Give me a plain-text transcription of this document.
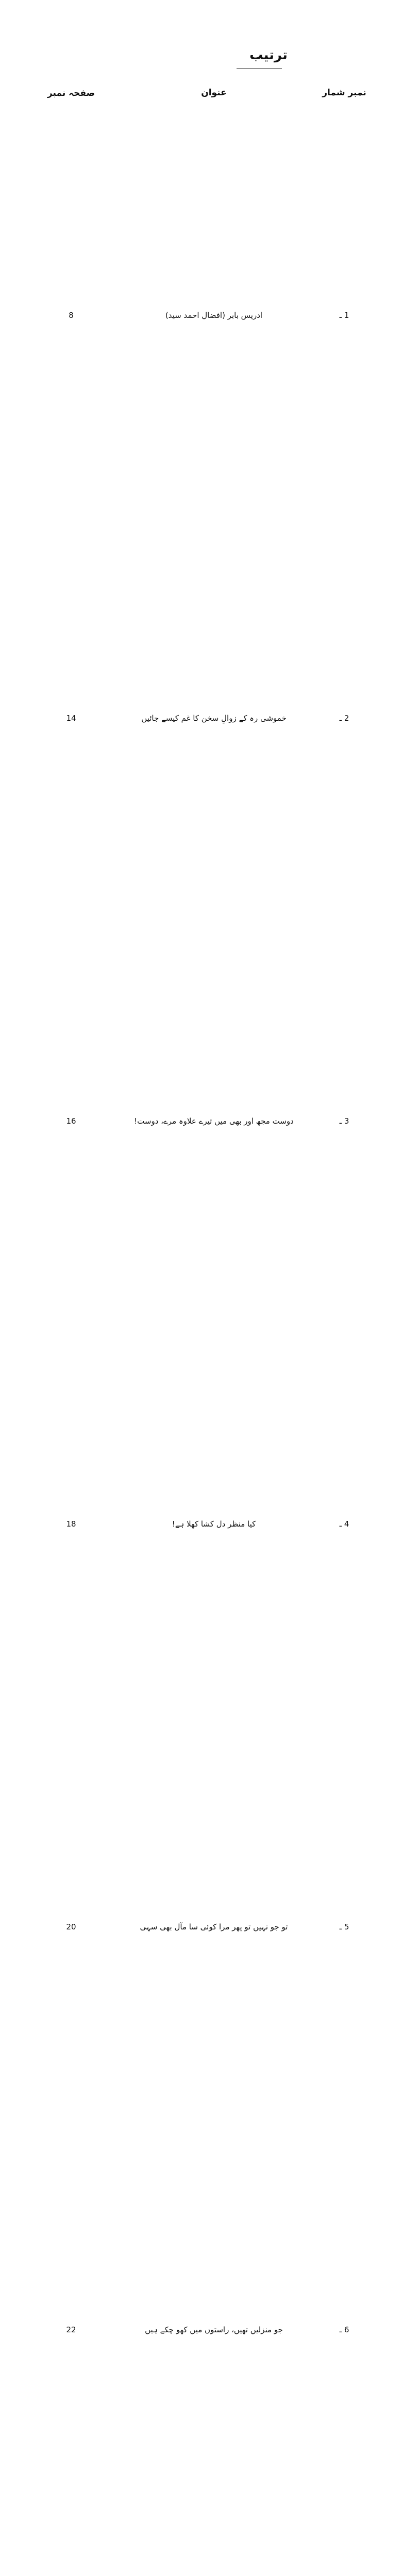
ترتیب
نمبر شمار	عنوان	صفحہ نمبر
1 ـ	ادریس بابر (افضال احمد سید)	8
2 ـ	خموشی رہ کے زوالِ سخن کا غم کیسے جائیں	14
3 ـ	دوست مجھ اور بھی میں تیرے علاوہ مرے، دوست!	16
4 ـ	کیا منظر دل کشا کھلا ہے!	18
5 ـ	تو جو نہیں تو پھر مرا کوئی سا مآل بھی سہی	20
6 ـ	جو منزلیں تھیں، راستوں میں کھو چکے ہیں	22
